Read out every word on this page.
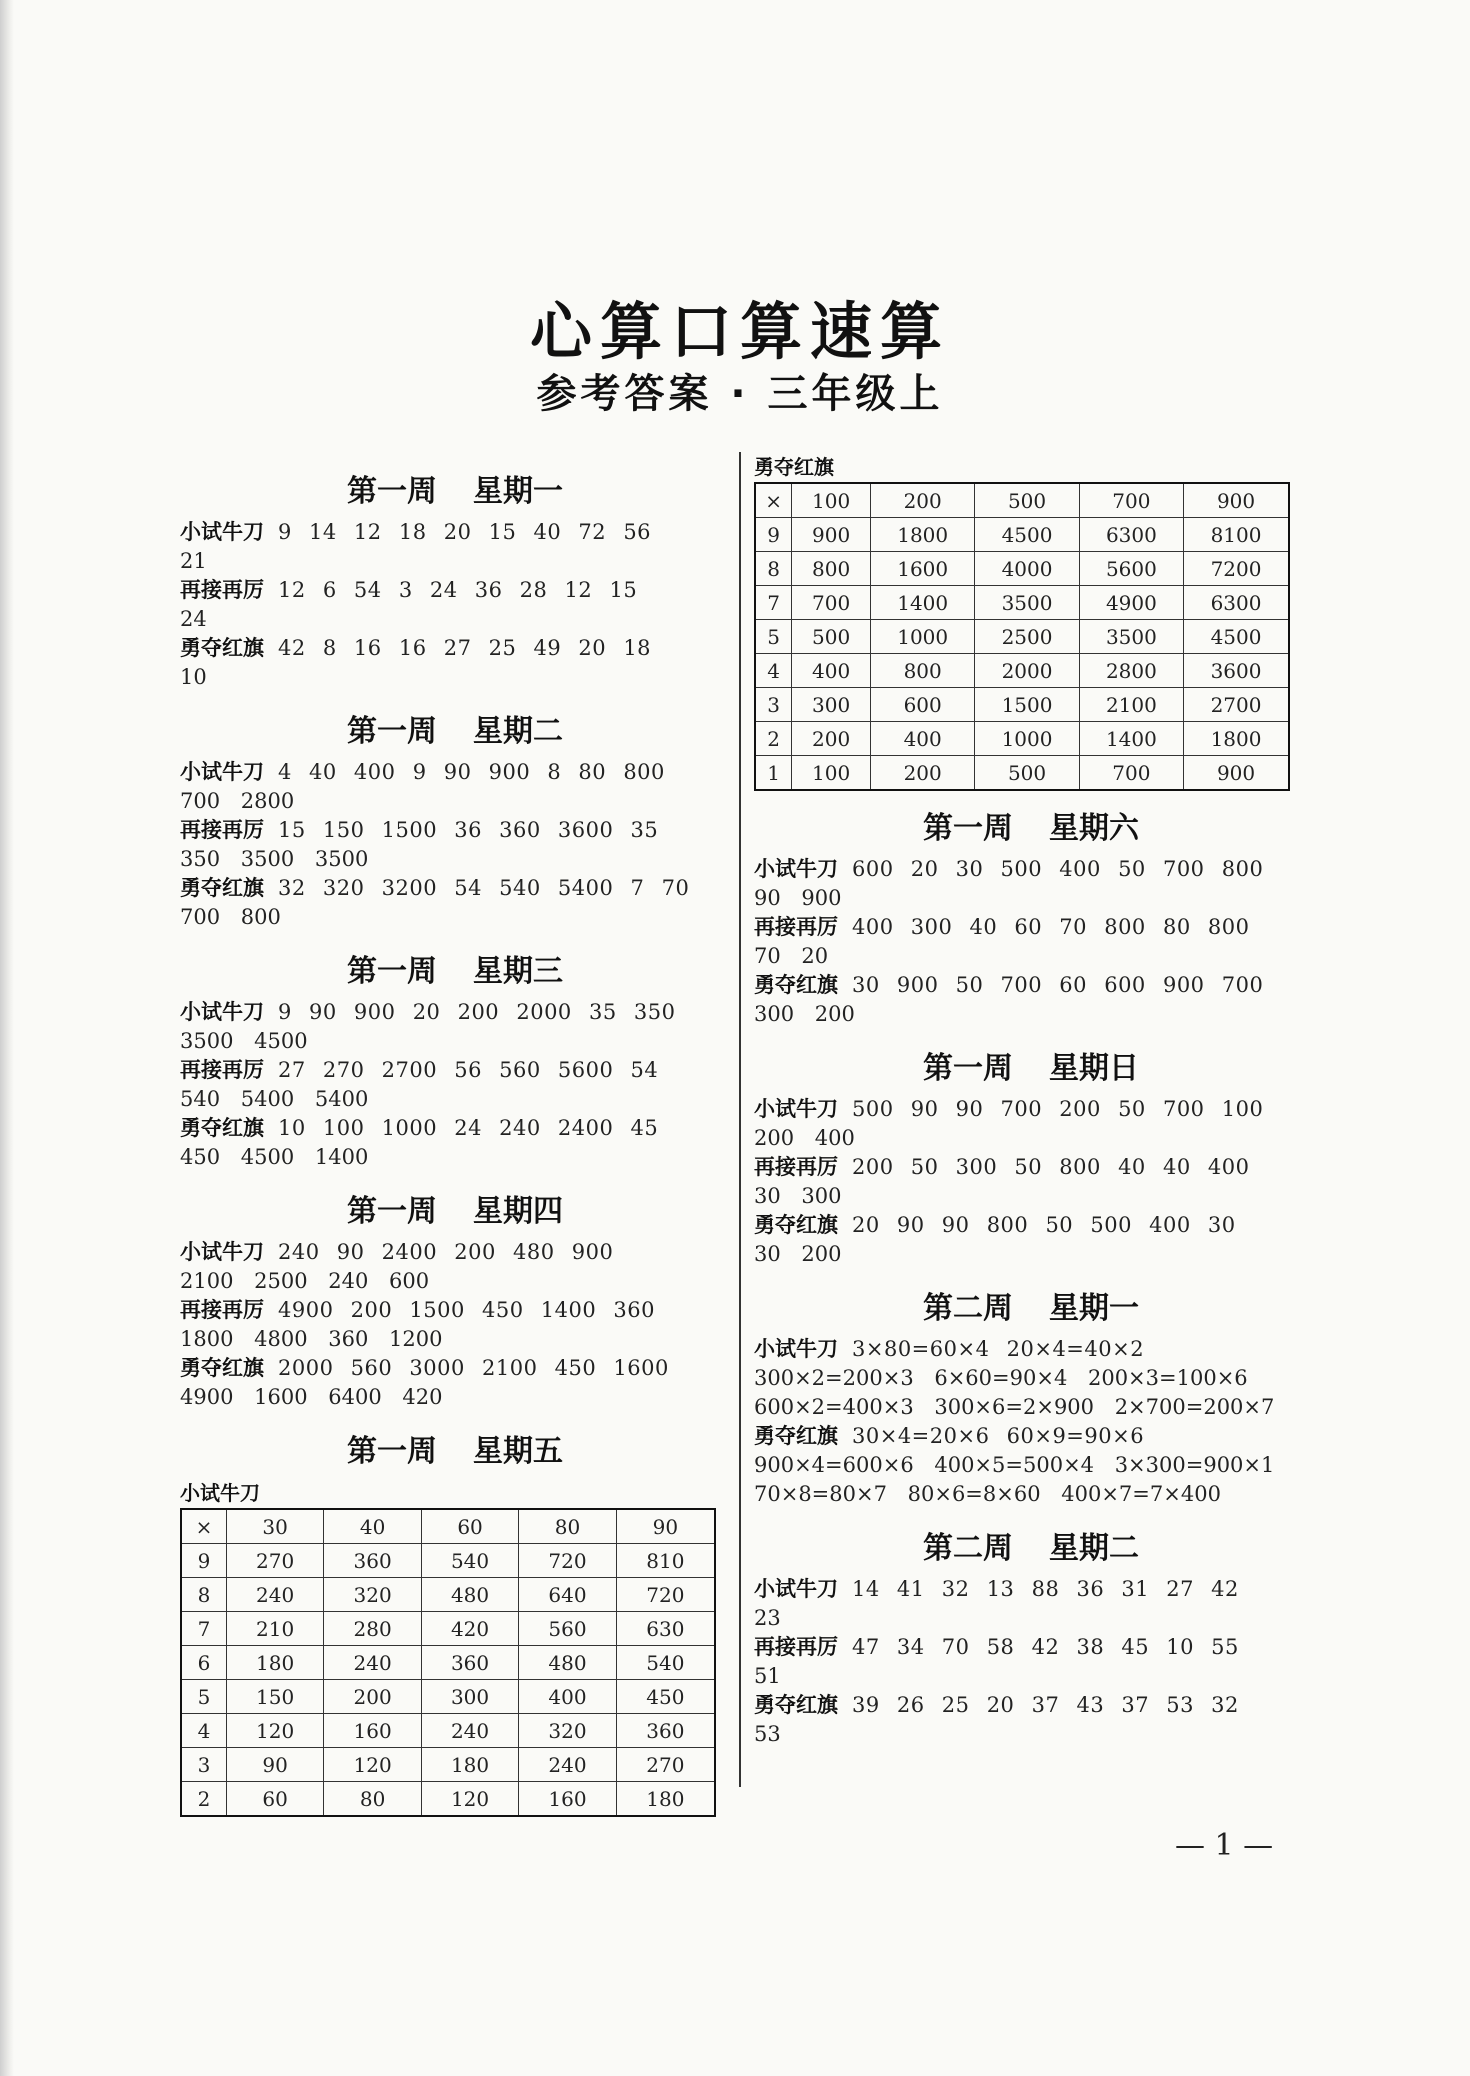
心算口算速算
参考答案 · 三年级上
第一周 星期一
小试牛刀 9 14 12 18 20 15 40 72 56
21
再接再厉 12 6 54 3 24 36 28 12 15
24
勇夺红旗 42 8 16 16 27 25 49 20 18
10
第一周 星期二
小试牛刀 4 40 400 9 90 900 8 80 800
700 2800
再接再厉 15 150 1500 36 360 3600 35
350 3500 3500
勇夺红旗 32 320 3200 54 540 5400 7 70
700 800
第一周 星期三
小试牛刀 9 90 900 20 200 2000 35 350
3500 4500
再接再厉 27 270 2700 56 560 5600 54
540 5400 5400
勇夺红旗 10 100 1000 24 240 2400 45
450 4500 1400
第一周 星期四
小试牛刀 240 90 2400 200 480 900
2100 2500 240 600
再接再厉 4900 200 1500 450 1400 360
1800 4800 360 1200
勇夺红旗 2000 560 3000 2100 450 1600
4900 1600 6400 420
第一周 星期五
小试牛刀
×	30	40	60	80	90
9	270	360	540	720	810
8	240	320	480	640	720
7	210	280	420	560	630
6	180	240	360	480	540
5	150	200	300	400	450
4	120	160	240	320	360
3	90	120	180	240	270
2	60	80	120	160	180
勇夺红旗
×	100	200	500	700	900
9	900	1800	4500	6300	8100
8	800	1600	4000	5600	7200
7	700	1400	3500	4900	6300
5	500	1000	2500	3500	4500
4	400	800	2000	2800	3600
3	300	600	1500	2100	2700
2	200	400	1000	1400	1800
1	100	200	500	700	900
第一周 星期六
小试牛刀 600 20 30 500 400 50 700 800
90 900
再接再厉 400 300 40 60 70 800 80 800
70 20
勇夺红旗 30 900 50 700 60 600 900 700
300 200
第一周 星期日
小试牛刀 500 90 90 700 200 50 700 100
200 400
再接再厉 200 50 300 50 800 40 40 400
30 300
勇夺红旗 20 90 90 800 50 500 400 30
30 200
第二周 星期一
小试牛刀 3×80=60×4 20×4=40×2
300×2=200×3 6×60=90×4 200×3=100×6
600×2=400×3 300×6=2×900 2×700=200×7
勇夺红旗 30×4=20×6 60×9=90×6
900×4=600×6 400×5=500×4 3×300=900×1
70×8=80×7 80×6=8×60 400×7=7×400
第二周 星期二
小试牛刀 14 41 32 13 88 36 31 27 42
23
再接再厉 47 34 70 58 42 38 45 10 55
51
勇夺红旗 39 26 25 20 37 43 37 53 32
53
— 1 —
